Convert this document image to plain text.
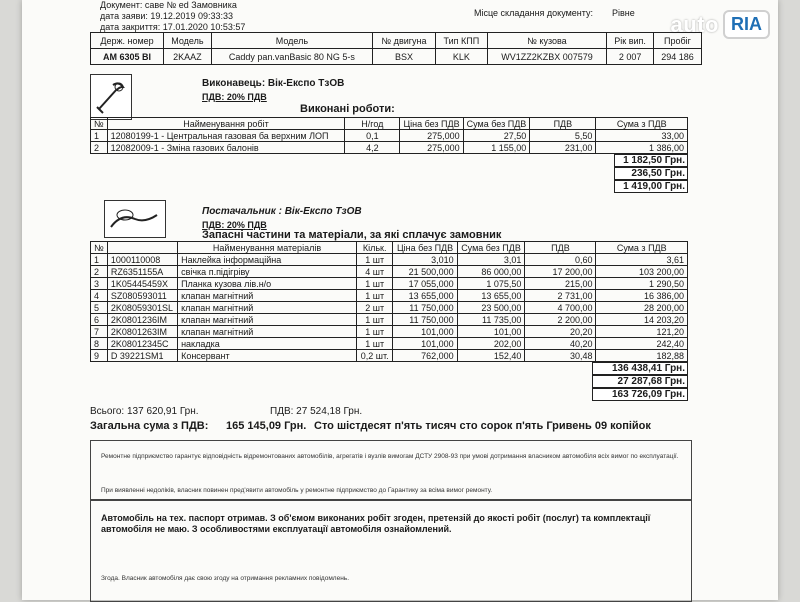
Документ: саве № ed Замовника
дата заяви: 19.12.2019 09:33:33
дата закриття: 17.01.2020 10:53:57
Місце складання документу: Рівне auto RIA
Держ. номер	Модель	Модель	№ двигуна	Тип КПП	№ кузова	Рік вип.	Пробіг
AM 6305 BI	2KAAZ	Caddy pan.vanBasic 80 NG 5-s	BSX	KLK	WV1ZZ2KZBX 007579	2 007	294 186
Виконавець: Вік-Експо ТзОВ
ПДВ: 20% ПДВ
Виконані роботи:
№	Найменування робіт	Н/год	Ціна без ПДВ	Сума без ПДВ	ПДВ	Сума з ПДВ
1	12080199-1 - Центральная газовая ба верхним ЛОП	0,1	275,000	27,50	5,50	33,00
2	12082009-1 - Зміна газових балонів	4,2	275,000	1 155,00	231,00	1 386,00
1 182,50 Грн.
236,50 Грн.
1 419,00 Грн.
Постачальник : Вік-Експо ТзОВ
ПДВ: 20% ПДВ
Запасні частини та матеріали, за які сплачує замовник
№		Найменування матеріалів	Кільк.	Ціна без ПДВ	Сума без ПДВ	ПДВ	Сума з ПДВ
1	1000110008	Наклейка інформаційна	1 шт	3,010	3,01	0,60	3,61
2	RZ6351155A	свічка п.підігріву	4 шт	21 500,000	86 000,00	17 200,00	103 200,00
3	1K05445459X	Планка кузова лів.н/о	1 шт	17 055,000	1 075,50	215,00	1 290,50
4	SZ080593011	клапан магнітний	1 шт	13 655,000	13 655,00	2 731,00	16 386,00
5	2K08059301SL	клапан магнітний	2 шт	11 750,000	23 500,00	4 700,00	28 200,00
6	2K0801236IM	клапан магнітний	1 шт	11 750,000	11 735,00	2 200,00	14 203,20
7	2K0801263IM	клапан магнітний	1 шт	101,000	101,00	20,20	121,20
8	2K08012345C	накладка	1 шт	101,000	202,00	40,20	242,40
9	D 39221SM1	Консервант	0,2 шт.	762,000	152,40	30,48	182,88
136 438,41 Грн.
27 287,68 Грн.
163 726,09 Грн.
Всього: 137 620,91 Грн.	ПДВ: 27 524,18 Грн.
Загальна сума з ПДВ: 165 145,09 Грн. Сто шістдесят п'ять тисяч сто сорок п'ять Гривень 09 копійок
Ремонтне підприємство гарантує відповідність відремонтованих автомобілів, агрегатів і вузлів вимогам ДСТУ 2908-93 при умові дотримання власником автомобіля всіх вимог по експлуатації.
При виявленні недоліків, власник повинен пред'явити автомобіль у ремонтне підприємство до Гарантику за всіма вимог ремонту.
Автомобіль на тех. паспорт отримав. З об'ємом виконаних робіт згоден, претензій до якості робіт (послуг) та комплектації автомобіля не маю. З особливостями експлуатації автомобіля ознайомлений.
Згода. Власник автомобіля дає свою згоду на отримання рекламних повідомлень.
